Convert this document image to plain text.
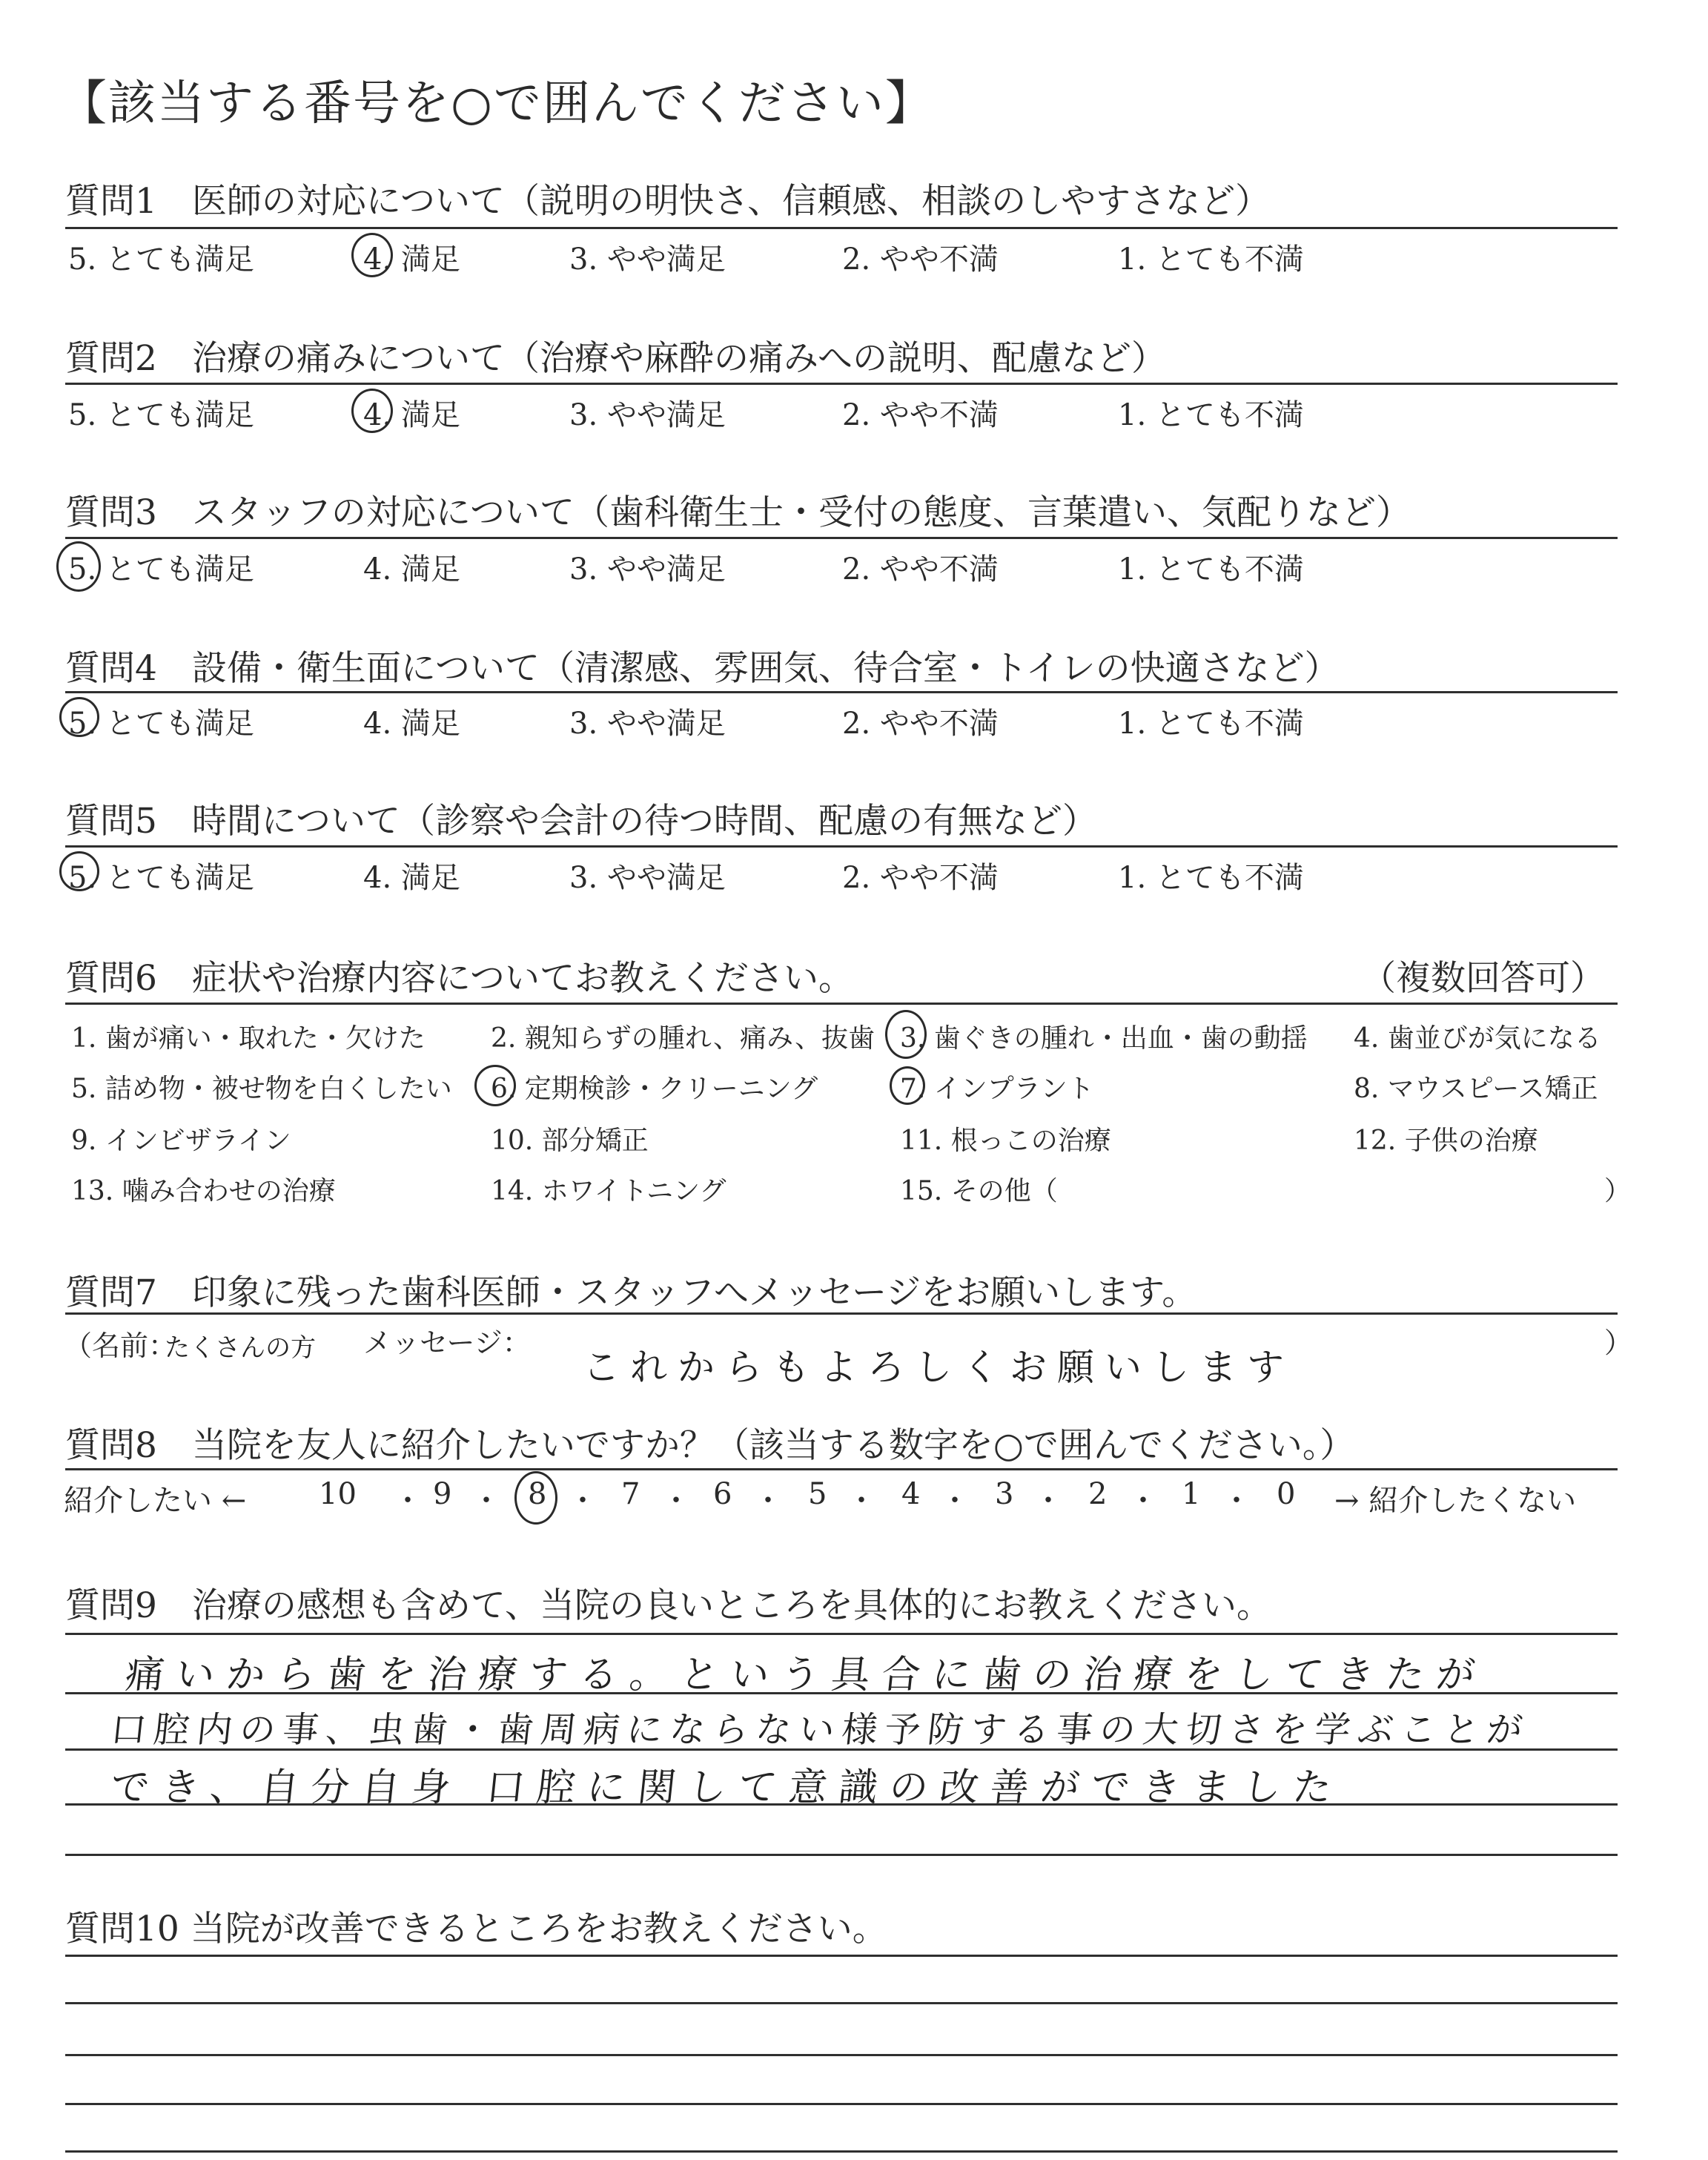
【該当する番号を○で囲んでください】
質問1　医師の対応について（説明の明快さ、信頼感、相談のしやすさなど）
5. とても満足	4. 満足	3. やや満足	2. やや不満	1. とても不満
質問2　治療の痛みについて（治療や麻酔の痛みへの説明、配慮など）
5. とても満足	4. 満足	3. やや満足	2. やや不満	1. とても不満
質問3　スタッフの対応について（歯科衛生士・受付の態度、言葉遣い、気配りなど）
5. とても満足	4. 満足	3. やや満足	2. やや不満	1. とても不満
質問4　設備・衛生面について（清潔感、雰囲気、待合室・トイレの快適さなど）
5. とても満足	4. 満足	3. やや満足	2. やや不満	1. とても不満
質問5　時間について（診察や会計の待つ時間、配慮の有無など）
5. とても満足	4. 満足	3. やや満足	2. やや不満	1. とても不満
質問6　症状や治療内容についてお教えください。	（複数回答可）
1. 歯が痛い・取れた・欠けた 2. 親知らずの腫れ、痛み、抜歯 3. 歯ぐきの腫れ・出血・歯の動揺 4. 歯並びが気になる
5. 詰め物・被せ物を白くしたい 6. 定期検診・クリーニング	7. インプラント	8. マウスピース矯正
9. インビザライン	10. 部分矯正	11. 根っこの治療	12. 子供の治療
13. 噛み合わせの治療	14. ホワイトニング	15. その他（	）
質問7　印象に残った歯科医師・スタッフへメッセージをお願いします。
（名前：
たくさんの方 メッセージ：
これからもよろしくお願いします
）
質問8　当院を友人に紹介したいですか？（該当する数字を○で囲んでください。）
紹介したい ← 10 ・ 9 ・ 8 ・ 7 ・ 6 ・ 5 ・ 4 ・ 3 ・ 2 ・ 1 ・ 0 → 紹介したくない
質問9　治療の感想も含めて、当院の良いところを具体的にお教えください。
痛いから歯を治療する。という具合に歯の治療をしてきたが
口腔内の事、虫歯・歯周病にならない様予防する事の大切さを学ぶことが
でき、自分自身 口腔に関して意識の改善ができました
質問10 当院が改善できるところをお教えください。
